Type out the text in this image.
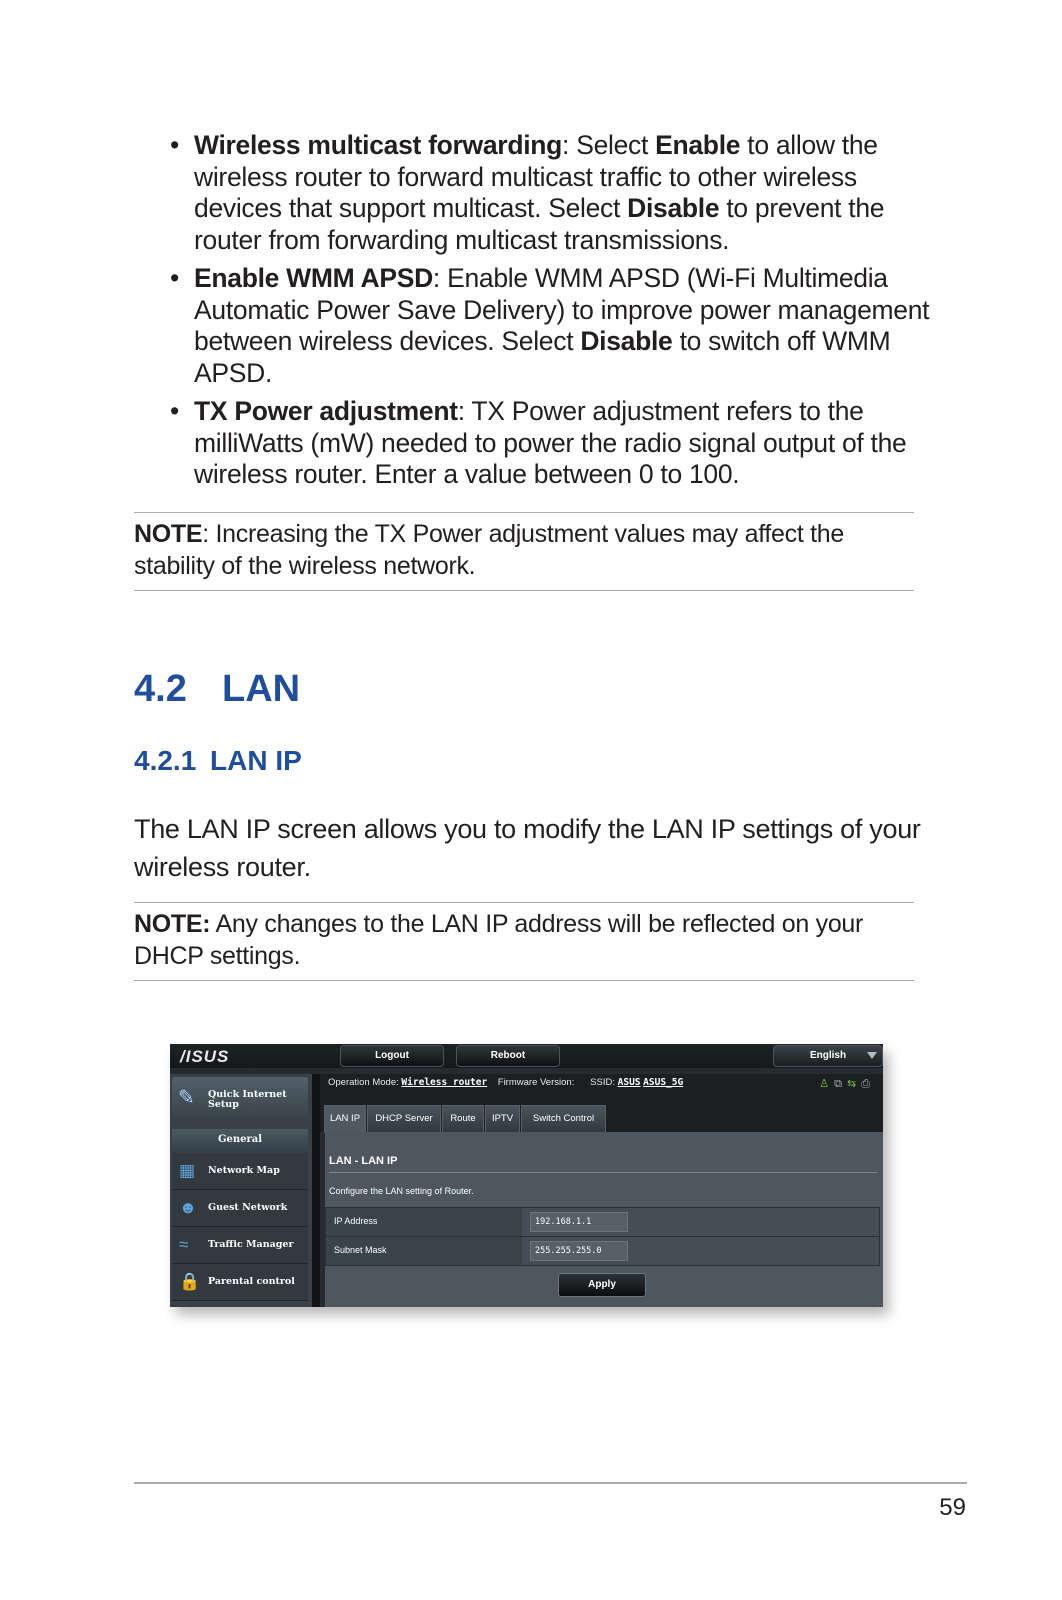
• Wireless multicast forwarding: Select Enable to allow the wireless router to forward multicast traffic to other wireless devices that support multicast. Select Disable to prevent the router from forwarding multicast transmissions.
• Enable WMM APSD: Enable WMM APSD (Wi-Fi Multimedia Automatic Power Save Delivery) to improve power management between wireless devices. Select Disable to switch off WMM APSD.
• TX Power adjustment: TX Power adjustment refers to the milliWatts (mW) needed to power the radio signal output of the wireless router. Enter a value between 0 to 100.
NOTE: Increasing the TX Power adjustment values may affect the stability of the wireless network.
4.2 LAN
4.2.1 LAN IP
The LAN IP screen allows you to modify the LAN IP settings of your wireless router.
NOTE: Any changes to the LAN IP address will be reflected on your DHCP settings.
/ISUS	Logout	Reboot	English
✎ Quick Internet Setup
General
▦ Network Map
☻ Guest Network
≈ Traffic Manager
🔒 Parental control
Operation Mode: Wireless router Firmware Version: SSID: ASUS ASUS_5G	♙⧉⇆⎙
LAN IP	DHCP Server	Route	IPTV	Switch Control
LAN - LAN IP
Configure the LAN setting of Router.
IP Address	192.168.1.1
Subnet Mask	255.255.255.0
Apply
59
